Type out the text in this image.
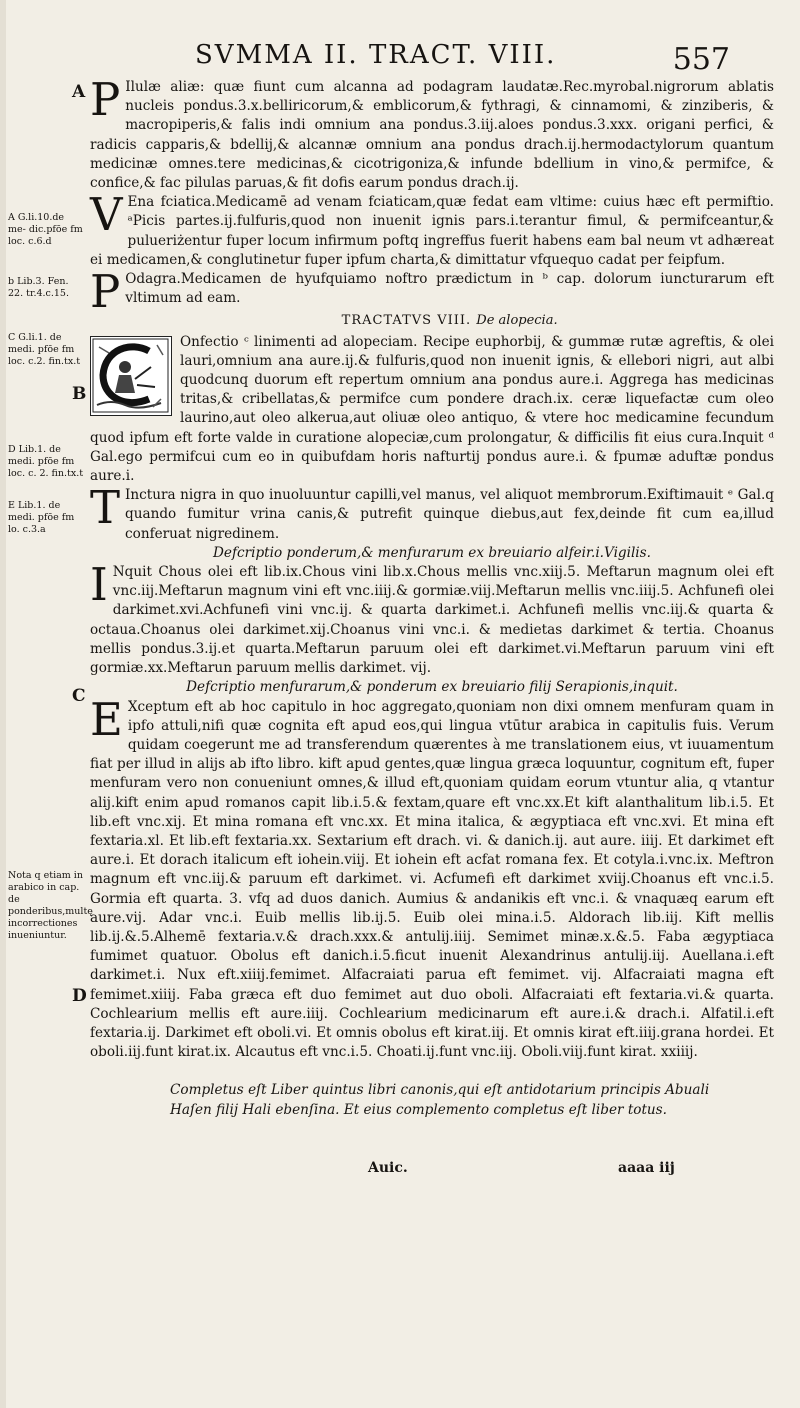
SVMMA II. TRACT. VIII.	557
A
B
C
D
A G.li.10.de me- dic.pfōe fm loc. c.6.d
b Lib.3. Fen. 22. tr.4.c.15.
C G.li.1. de medi. pfōe fm loc. c.2. fin.tx.t
D Lib.1. de medi. pfōe fm loc. c. 2. fin.tx.t
E Lib.1. de medi. pfōe fm lo. c.3.a
Nota q etiam in arabico in cap. de ponderibus,multę incorrectiones inueniuntur.

P Ilulæ aliæ: quæ fiunt cum alcanna ad podagram laudatæ.Rec.myrobal.nigrorum ablatis nucleis pondus.3.x.belliricorum,& emblicorum,& fythragi, & cinnamomi, & zinziberis, & macropiperis,& falis indi omnium ana pondus.3.iij.aloes pondus.3.xxx. origani perfici, & radicis capparis,& bdellij,& alcannæ omnium ana pondus drach.ij.hermodactylorum quantum medicinæ omnes.tere medicinas,& cicotrigoniza,& infunde bdellium in vino,& permifce, & confice,& fac pilulas paruas,& fit dofis earum pondus drach.ij.

V Ena fciatica.Medicamē ad venam fciaticam,quæ fedat eam vltime: cuius hæc eft permiftio. ᵃPicis partes.ij.fulfuris,quod non inuenit ignis pars.i.terantur fimul, & permifceantur,& pulueriżentur fuper locum infirmum poftq ingreffus fuerit habens eam bal neum vt adhæreat ei medicamen,& conglutinetur fuper ipfum charta,& dimittatur vfquequo cadat per feipfum.

P Odagra.Medicamen de hyufquiamo noftro prædictum in ᵇ cap. dolorum iuncturarum eft vltimum ad eam.

TRACTATVS VIII. De alopecia.

Onfectio ᶜ linimenti ad alopeciam. Recipe euphorbij, & gummæ rutæ agreftis, & olei lauri,omnium ana aure.ij.& fulfuris,quod non inuenit ignis, & ellebori nigri, aut albi quodcunq duorum eft repertum omnium ana pondus aure.i. Aggrega has medicinas tritas,& cribellatas,& permifce cum pondere drach.ix. ceræ liquefactæ cum oleo laurino,aut oleo alkerua,aut oliuæ oleo antiquo, & vtere hoc medicamine fecundum quod ipfum eft forte valde in curatione alopeciæ,cum prolongatur, & difficilis fit eius cura.Inquit ᵈ Gal.ego permifcui cum eo in quibufdam horis nafturtij pondus aure.i. & fpumæ aduftæ pondus aure.i.

T Inctura nigra in quo inuoluuntur capilli,vel manus, vel aliquot membrorum.Exiftimauit ᵉ Gal.q quando fumitur vrina canis,& putrefit quinque diebus,aut fex,deinde fit cum ea,illud conferuat nigredinem.

Defcriptio ponderum,& menfurarum ex breuiario alfeir.i.Vigilis.

I Nquit Chous olei eft lib.ix.Chous vini lib.x.Chous mellis vnc.xiij.5. Meftarun magnum olei eft vnc.iij.Meftarun magnum vini eft vnc.iiij.& gormiæ.viij.Meftarun mellis vnc.iiij.5. Achfunefi olei darkimet.xvi.Achfunefi vini vnc.ij. & quarta darkimet.i. Achfunefi mellis vnc.iij.& quarta & octaua.Choanus olei darkimet.xij.Choanus vini vnc.i. & medietas darkimet & tertia. Choanus mellis pondus.3.ij.et quarta.Meftarun paruum olei eft darkimet.vi.Meftarun paruum vini eft gormiæ.xx.Meftarun paruum mellis darkimet. vij.

Defcriptio menfurarum,& ponderum ex breuiario filij Serapionis,inquit.

E Xceptum eft ab hoc capitulo in hoc aggregato,quoniam non dixi omnem menfuram quam in ipfo attuli,nifi quæ cognita eft apud eos,qui lingua vtūtur arabica in capitulis fuis. Verum quidam coegerunt me ad transferendum quærentes à me translationem eius, vt iuuamentum fiat per illud in alijs ab ifto libro. kift apud gentes,quæ lingua græca loquuntur, cognitum eft, fuper menfuram vero non conueniunt omnes,& illud eft,quoniam quidam eorum vtuntur alia, q vtantur alij.kift enim apud romanos capit lib.i.5.& fextam,quare eft vnc.xx.Et kift alanthalitum lib.i.5. Et lib.eft vnc.xij. Et mina romana eft vnc.xx. Et mina italica, & ægyptiaca eft vnc.xvi. Et mina eft fextaria.xl. Et lib.eft fextaria.xx. Sextarium eft drach. vi. & danich.ij. aut aure. iiij. Et darkimet eft aure.i. Et dorach italicum eft iohein.viij. Et iohein eft acfat romana fex. Et cotyla.i.vnc.ix. Meftron magnum eft vnc.iij.& paruum eft darkimet. vi. Acfumefi eft darkimet xviij.Choanus eft vnc.i.5. Gormia eft quarta. 3. vfq ad duos danich. Aumius & andanikis eft vnc.i. & vnaquæq earum eft aure.vij. Adar vnc.i. Euib mellis lib.ij.5. Euib olei mina.i.5. Aldorach lib.iij. Kift mellis lib.ij.&.5.Alhemē fextaria.v.& drach.xxx.& antulij.iiij. Semimet minæ.x.&.5. Faba ægyptiaca fumimet quatuor. Obolus eft danich.i.5.ficut inuenit Alexandrinus antulij.iij. Auellana.i.eft darkimet.i. Nux eft.xiiij.femimet. Alfacraiati parua eft femimet. vij. Alfacraiati magna eft femimet.xiiij. Faba græca eft duo femimet aut duo oboli. Alfacraiati eft fextaria.vi.& quarta. Cochlearium mellis eft aure.iiij. Cochlearium medicinarum eft aure.i.& drach.i. Alfatil.i.eft fextaria.ij. Darkimet eft oboli.vi. Et omnis obolus eft kirat.iij. Et omnis kirat eft.iiij.grana hordei. Et oboli.iij.funt kirat.ix. Alcautus eft vnc.i.5. Choati.ij.funt vnc.iij. Oboli.viij.funt kirat. xxiiij.

Completus eſt Liber quintus libri canonis,qui eſt antidotarium principis Abuali Haſen filij Hali ebenſina. Et eius complemento completus eſt liber totus.
Auic.	aaaa iij
